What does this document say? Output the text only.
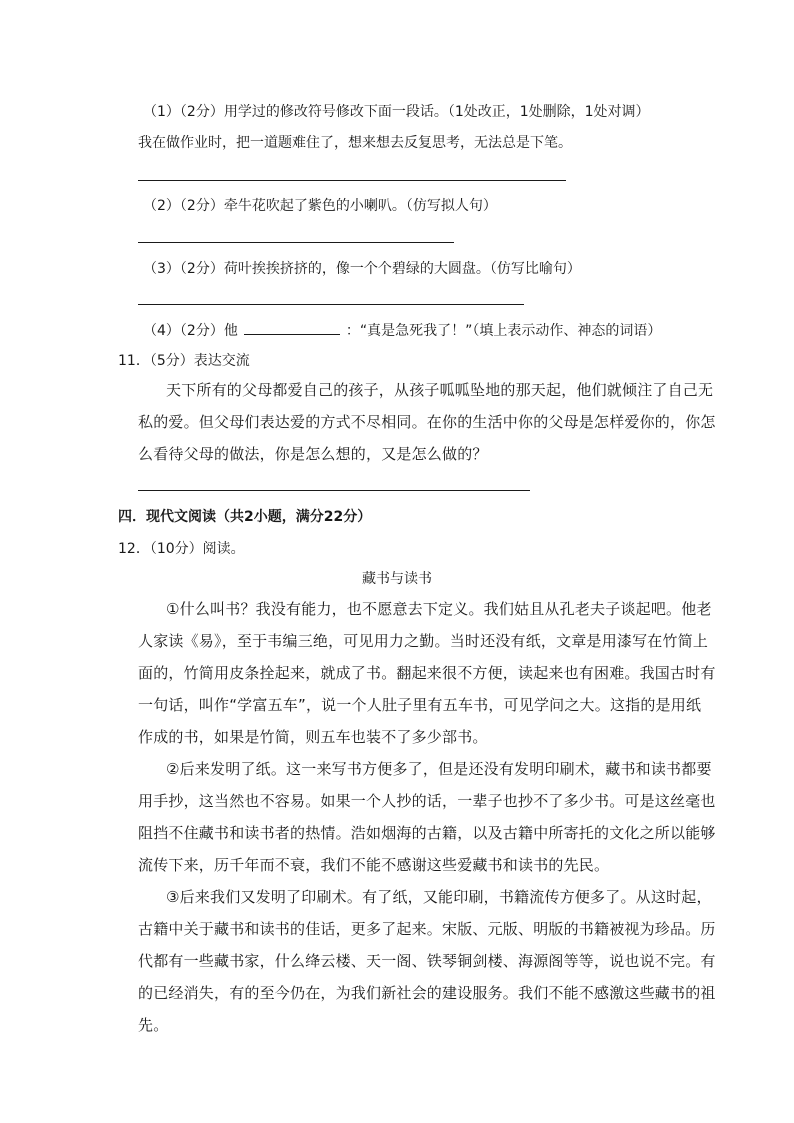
（1）（2分）用学过的修改符号修改下面一段话。（1处改正，1处删除，1处对调）
我在做作业时，把一道题难住了，想来想去反复思考，无法总是下笔。
（2）（2分）牵牛花吹起了紫色的小喇叭。（仿写拟人句）
（3）（2分）荷叶挨挨挤挤的，像一个个碧绿的大圆盘。（仿写比喻句）
（4）（2分）他	：“真是急死我了！”（填上表示动作、神态的词语）
11．（5分）表达交流
天下所有的父母都爱自己的孩子，从孩子呱呱坠地的那天起，他们就倾注了自己无
私的爱。但父母们表达爱的方式不尽相同。在你的生活中你的父母是怎样爱你的，你怎
么看待父母的做法，你是怎么想的，又是怎么做的？
四．现代文阅读（共2小题，满分22分）
12．（10分）阅读。
藏书与读书
①什么叫书？我没有能力，也不愿意去下定义。我们姑且从孔老夫子谈起吧。他老
人家读《易》，至于韦编三绝，可见用力之勤。当时还没有纸，文章是用漆写在竹简上
面的，竹简用皮条拴起来，就成了书。翻起来很不方便，读起来也有困难。我国古时有
一句话，叫作“学富五车”，说一个人肚子里有五车书，可见学问之大。这指的是用纸
作成的书，如果是竹简，则五车也装不了多少部书。
②后来发明了纸。这一来写书方便多了，但是还没有发明印刷术，藏书和读书都要
用手抄，这当然也不容易。如果一个人抄的话，一辈子也抄不了多少书。可是这丝毫也
阻挡不住藏书和读书者的热情。浩如烟海的古籍，以及古籍中所寄托的文化之所以能够
流传下来，历千年而不衰，我们不能不感谢这些爱藏书和读书的先民。
③后来我们又发明了印刷术。有了纸，又能印刷，书籍流传方便多了。从这时起，
古籍中关于藏书和读书的佳话，更多了起来。宋版、元版、明版的书籍被视为珍品。历
代都有一些藏书家，什么绛云楼、天一阁、铁琴铜剑楼、海源阁等等，说也说不完。有
的已经消失，有的至今仍在，为我们新社会的建设服务。我们不能不感激这些藏书的祖
先。
